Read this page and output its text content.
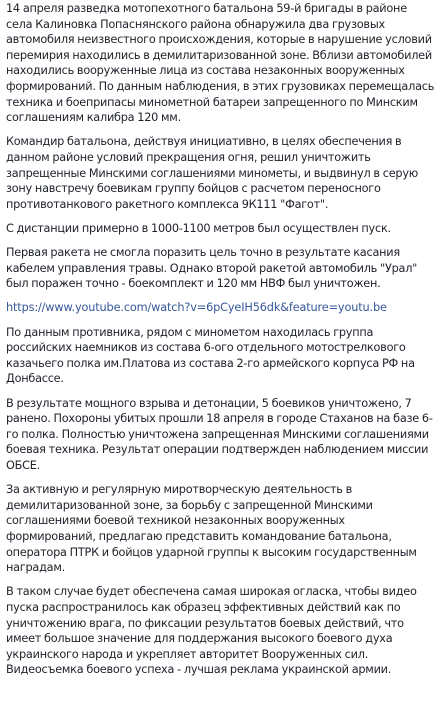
14 апреля разведка мотопехотного батальона 59-й бригады в районе села Калиновка Попаснянского района обнаружила два грузовых автомобиля неизвестного происхождения, которые в нарушение условий перемирия находились в демилитаризованной зоне. Вблизи автомобилей находились вооруженные лица из состава незаконных вооруженных формирований. По данным наблюдения, в этих грузовиках перемещалась техника и боеприпасы минометной батареи запрещенного по Минским соглашениям калибра 120 мм.

Командир батальона, действуя инициативно, в целях обеспечения в данном районе условий прекращения огня, решил уничтожить запрещенные Минскими соглашениями минометы, и выдвинул в серую зону навстречу боевикам группу бойцов с расчетом переносного противотанкового ракетного комплекса 9К111 "Фагот".

С дистанции примерно в 1000-1100 метров был осуществлен пуск.

Первая ракета не смогла поразить цель точно в результате касания кабелем управления травы. Однако второй ракетой автомобиль "Урал" был поражен точно - боекомплект и 120 мм НВФ был уничтожен.

https://www.youtube.com/watch?v=6pCyeIH56dk&feature=youtu.be

По данным противника, рядом с минометом находилась группа российских наемников из состава 6-ого отдельного мотострелкового казачьего полка им.Платова из состава 2-го армейского корпуса РФ на Донбассе.

В результате мощного взрыва и детонации, 5 боевиков уничтожено, 7 ранено. Похороны убитых прошли 18 апреля в городе Стаханов на базе 6-го полка. Полностью уничтожена запрещенная Минскими соглашениями боевая техника. Результат операции подтвержден наблюдением миссии ОБСЕ.

За активную и регулярную миротворческую деятельность в демилитаризованной зоне, за борьбу с запрещенной Минскими соглашениями боевой техникой незаконных вооруженных формирований, предлагаю представить командование батальона, оператора ПТРК и бойцов ударной группы к высоким государственным наградам.

В таком случае будет обеспечена самая широкая огласка, чтобы видео пуска распространилось как образец эффективных действий как по уничтожению врага, по фиксации результатов боевых действий, что имеет большое значение для поддержания высокого боевого духа украинского народа и укрепляет авторитет Вооруженных сил. Видеосъемка боевого успеха - лучшая реклама украинской армии.
